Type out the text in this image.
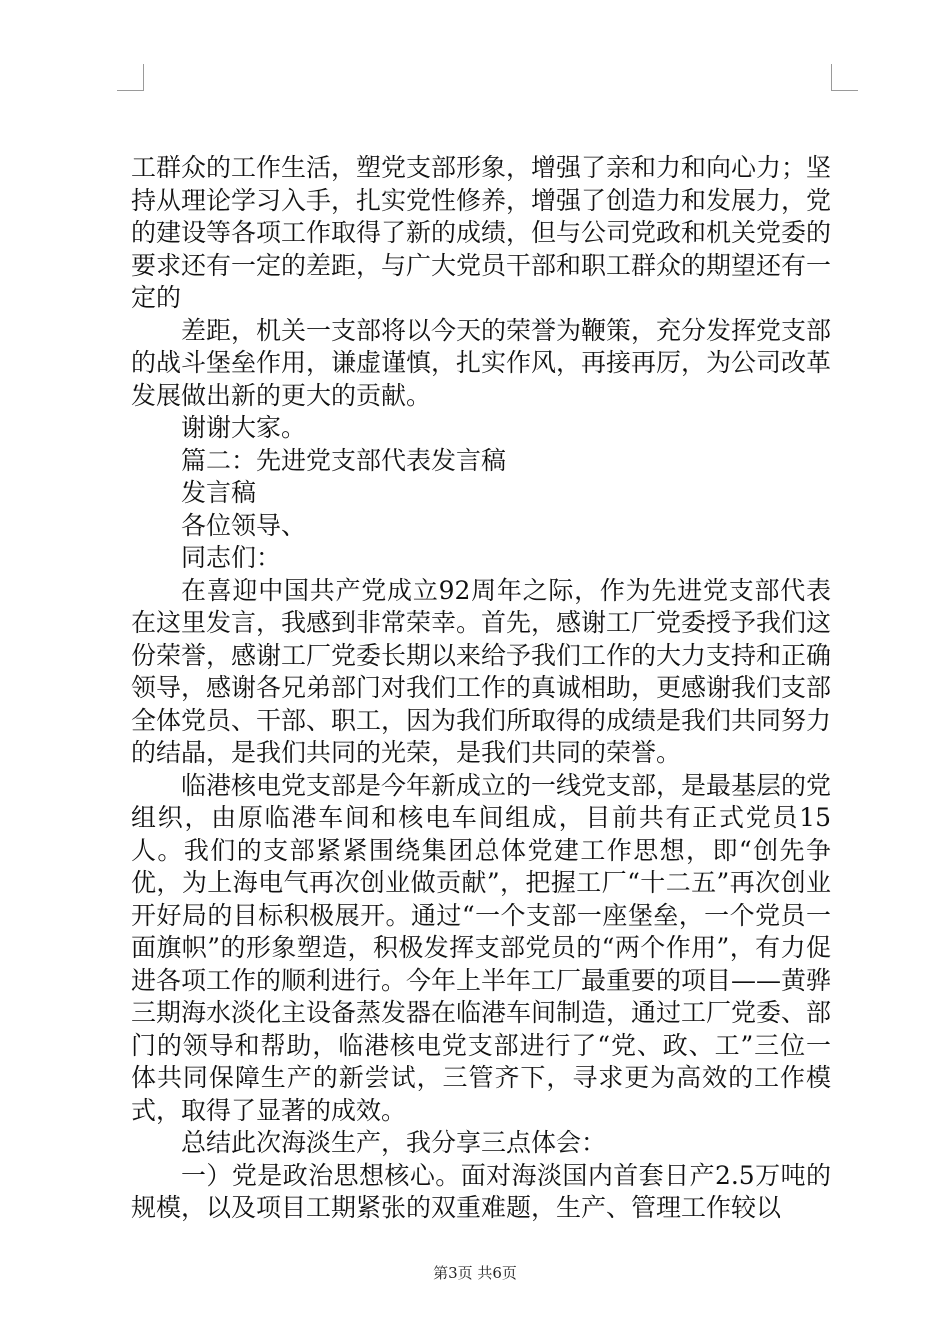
工群众的工作生活，塑党支部形象，增强了亲和力和向心力；坚持从理论学习入手，扎实党性修养，增强了创造力和发展力，党的建设等各项工作取得了新的成绩，但与公司党政和机关党委的要求还有一定的差距，与广大党员干部和职工群众的期望还有一定的

差距，机关一支部将以今天的荣誉为鞭策，充分发挥党支部的战斗堡垒作用，谦虚谨慎，扎实作风，再接再厉，为公司改革发展做出新的更大的贡献。

谢谢大家。

篇二：先进党支部代表发言稿

发言稿

各位领导、

同志们：

在喜迎中国共产党成立92周年之际，作为先进党支部代表在这里发言，我感到非常荣幸。首先，感谢工厂党委授予我们这份荣誉，感谢工厂党委长期以来给予我们工作的大力支持和正确领导，感谢各兄弟部门对我们工作的真诚相助，更感谢我们支部全体党员、干部、职工，因为我们所取得的成绩是我们共同努力的结晶，是我们共同的光荣，是我们共同的荣誉。

临港核电党支部是今年新成立的一线党支部，是最基层的党组织，由原临港车间和核电车间组成，目前共有正式党员15人。我们的支部紧紧围绕集团总体党建工作思想，即“创先争优，为上海电气再次创业做贡献”，把握工厂“十二五”再次创业开好局的目标积极展开。通过“一个支部一座堡垒，一个党员一面旗帜”的形象塑造，积极发挥支部党员的“两个作用”，有力促进各项工作的顺利进行。今年上半年工厂最重要的项目——黄骅三期海水淡化主设备蒸发器在临港车间制造，通过工厂党委、部门的领导和帮助，临港核电党支部进行了“党、政、工”三位一体共同保障生产的新尝试，三管齐下，寻求更为高效的工作模式，取得了显著的成效。

总结此次海淡生产，我分享三点体会：

一）党是政治思想核心。面对海淡国内首套日产2.5万吨的规模，以及项目工期紧张的双重难题，生产、管理工作较以

第3页 共6页
